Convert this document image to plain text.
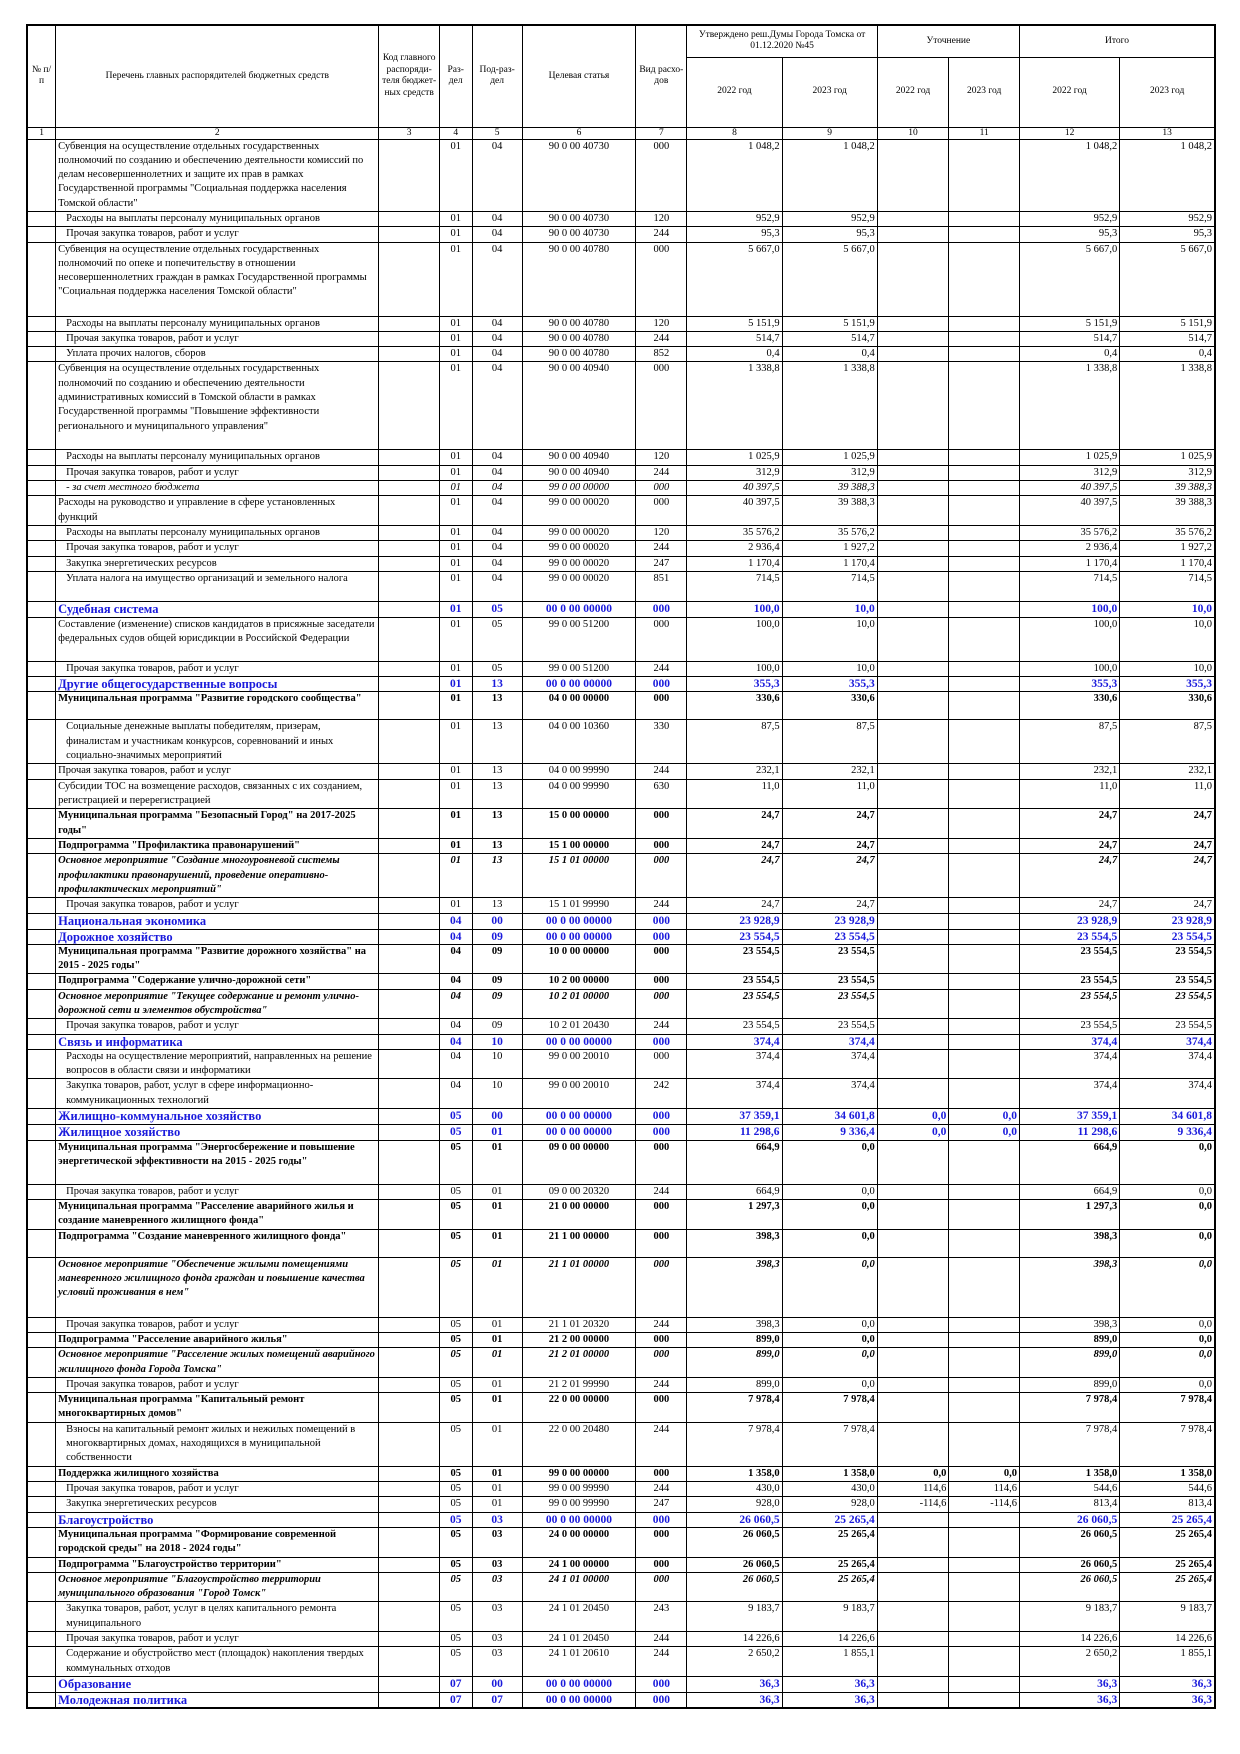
№ п/п	Перечень главных распорядителей бюджетных средств	Код главного распоряди-теля бюджет-ных средств	Раз-дел	Под-раз-дел	Целевая статья	Вид расхо-дов	Утверждено реш.Думы Города Томска от 01.12.2020 №45		Уточнение		Итого	
							2022 год	2023 год	2022 год	2023 год	2022 год	2023 год
1	2	3	4	5	6	7	8	9	10	11	12	13
	Субвенция на осуществление отдельных государственных полномочий по созданию и обеспечению деятельности комиссий по делам несовершеннолетних и защите их прав в рамках Государственной программы "Социальная поддержка населения Томской области"		01	04	90 0 00 40730	000	1 048,2	1 048,2			1 048,2	1 048,2
	Расходы на выплаты персоналу муниципальных органов		01	04	90 0 00 40730	120	952,9	952,9			952,9	952,9
	Прочая закупка товаров, работ и услуг		01	04	90 0 00 40730	244	95,3	95,3			95,3	95,3
	Субвенция на осуществление отдельных государственных полномочий по опеке и попечительству в отношении несовершеннолетних граждан в рамках Государственной программы "Социальная поддержка населения Томской области"		01	04	90 0 00 40780	000	5 667,0	5 667,0			5 667,0	5 667,0
	Расходы на выплаты персоналу муниципальных органов		01	04	90 0 00 40780	120	5 151,9	5 151,9			5 151,9	5 151,9
	Прочая закупка товаров, работ и услуг		01	04	90 0 00 40780	244	514,7	514,7			514,7	514,7
	Уплата прочих налогов, сборов		01	04	90 0 00 40780	852	0,4	0,4			0,4	0,4
	Субвенция на осуществление отдельных государственных полномочий по созданию и обеспечению деятельности административных комиссий в Томской области в рамках Государственной программы "Повышение эффективности регионального и муниципального управления"		01	04	90 0 00 40940	000	1 338,8	1 338,8			1 338,8	1 338,8
	Расходы на выплаты персоналу муниципальных органов		01	04	90 0 00 40940	120	1 025,9	1 025,9			1 025,9	1 025,9
	Прочая закупка товаров, работ и услуг		01	04	90 0 00 40940	244	312,9	312,9			312,9	312,9
	- за счет местного бюджета		01	04	99 0 00 00000	000	40 397,5	39 388,3			40 397,5	39 388,3
	Расходы на руководство и управление в сфере установленных функций		01	04	99 0 00 00020	000	40 397,5	39 388,3			40 397,5	39 388,3
	Расходы на выплаты персоналу муниципальных органов		01	04	99 0 00 00020	120	35 576,2	35 576,2			35 576,2	35 576,2
	Прочая закупка товаров, работ и услуг		01	04	99 0 00 00020	244	2 936,4	1 927,2			2 936,4	1 927,2
	Закупка энергетических ресурсов		01	04	99 0 00 00020	247	1 170,4	1 170,4			1 170,4	1 170,4
	Уплата налога на имущество организаций и земельного налога		01	04	99 0 00 00020	851	714,5	714,5			714,5	714,5
	Судебная система		01	05	00 0 00 00000	000	100,0	10,0			100,0	10,0
	Составление (изменение) списков кандидатов в присяжные заседатели федеральных судов общей юрисдикции в Российской Федерации		01	05	99 0 00 51200	000	100,0	10,0			100,0	10,0
	Прочая закупка товаров, работ и услуг		01	05	99 0 00 51200	244	100,0	10,0			100,0	10,0
	Другие общегосударственные вопросы		01	13	00 0 00 00000	000	355,3	355,3			355,3	355,3
	Муниципальная программа "Развитие городского сообщества"		01	13	04 0 00 00000	000	330,6	330,6			330,6	330,6
	Социальные денежные выплаты победителям, призерам, финалистам и участникам конкурсов, соревнований и иных социально-значимых мероприятий		01	13	04 0 00 10360	330	87,5	87,5			87,5	87,5
	Прочая закупка товаров, работ и услуг		01	13	04 0 00 99990	244	232,1	232,1			232,1	232,1
	Субсидии ТОС на возмещение расходов, связанных с их созданием, регистрацией и перерегистрацией		01	13	04 0 00 99990	630	11,0	11,0			11,0	11,0
	Муниципальная программа "Безопасный Город" на 2017-2025 годы"		01	13	15 0 00 00000	000	24,7	24,7			24,7	24,7
	Подпрограмма "Профилактика правонарушений"		01	13	15 1 00 00000	000	24,7	24,7			24,7	24,7
	Основное мероприятие "Создание многоуровневой системы профилактики правонарушений, проведение оперативно-профилактических мероприятий"		01	13	15 1 01 00000	000	24,7	24,7			24,7	24,7
	Прочая закупка товаров, работ и услуг		01	13	15 1 01 99990	244	24,7	24,7			24,7	24,7
	Национальная экономика		04	00	00 0 00 00000	000	23 928,9	23 928,9			23 928,9	23 928,9
	Дорожное хозяйство		04	09	00 0 00 00000	000	23 554,5	23 554,5			23 554,5	23 554,5
	Муниципальная программа "Развитие дорожного хозяйства" на 2015 - 2025 годы"		04	09	10 0 00 00000	000	23 554,5	23 554,5			23 554,5	23 554,5
	Подпрограмма "Содержание улично-дорожной сети"		04	09	10 2 00 00000	000	23 554,5	23 554,5			23 554,5	23 554,5
	Основное мероприятие "Текущее содержание и ремонт улично-дорожной сети и элементов обустройства"		04	09	10 2 01 00000	000	23 554,5	23 554,5			23 554,5	23 554,5
	Прочая закупка товаров, работ и услуг		04	09	10 2 01 20430	244	23 554,5	23 554,5			23 554,5	23 554,5
	Связь и информатика		04	10	00 0 00 00000	000	374,4	374,4			374,4	374,4
	Расходы на осуществление мероприятий, направленных на решение вопросов в области связи и информатики		04	10	99 0 00 20010	000	374,4	374,4			374,4	374,4
	Закупка товаров, работ, услуг в сфере информационно-коммуникационных технологий		04	10	99 0 00 20010	242	374,4	374,4			374,4	374,4
	Жилищно-коммунальное хозяйство		05	00	00 0 00 00000	000	37 359,1	34 601,8	0,0	0,0	37 359,1	34 601,8
	Жилищное хозяйство		05	01	00 0 00 00000	000	11 298,6	9 336,4	0,0	0,0	11 298,6	9 336,4
	Муниципальная программа "Энергосбережение и повышение энергетической эффективности на 2015 - 2025 годы"		05	01	09 0 00 00000	000	664,9	0,0			664,9	0,0
	Прочая закупка товаров, работ и услуг		05	01	09 0 00 20320	244	664,9	0,0			664,9	0,0
	Муниципальная программа "Расселение аварийного жилья и создание маневренного жилищного фонда"		05	01	21 0 00 00000	000	1 297,3	0,0			1 297,3	0,0
	Подпрограмма "Создание маневренного жилищного фонда"		05	01	21 1 00 00000	000	398,3	0,0			398,3	0,0
	Основное мероприятие "Обеспечение жилыми помещениями маневренного жилищного фонда граждан и повышение качества условий проживания в нем"		05	01	21 1 01 00000	000	398,3	0,0			398,3	0,0
	Прочая закупка товаров, работ и услуг		05	01	21 1 01 20320	244	398,3	0,0			398,3	0,0
	Подпрограмма "Расселение аварийного жилья"		05	01	21 2 00 00000	000	899,0	0,0			899,0	0,0
	Основное мероприятие "Расселение жилых помещений аварийного жилищного фонда Города Томска"		05	01	21 2 01 00000	000	899,0	0,0			899,0	0,0
	Прочая закупка товаров, работ и услуг		05	01	21 2 01 99990	244	899,0	0,0			899,0	0,0
	Муниципальная программа "Капитальный ремонт многоквартирных домов"		05	01	22 0 00 00000	000	7 978,4	7 978,4			7 978,4	7 978,4
	Взносы на капитальный ремонт жилых и нежилых помещений в многоквартирных домах, находящихся в муниципальной собственности		05	01	22 0 00 20480	244	7 978,4	7 978,4			7 978,4	7 978,4
	Поддержка жилищного хозяйства		05	01	99 0 00 00000	000	1 358,0	1 358,0	0,0	0,0	1 358,0	1 358,0
	Прочая закупка товаров, работ и услуг		05	01	99 0 00 99990	244	430,0	430,0	114,6	114,6	544,6	544,6
	Закупка энергетических ресурсов		05	01	99 0 00 99990	247	928,0	928,0	-114,6	-114,6	813,4	813,4
	Благоустройство		05	03	00 0 00 00000	000	26 060,5	25 265,4			26 060,5	25 265,4
	Муниципальная программа "Формирование современной городской среды" на 2018 - 2024 годы"		05	03	24 0 00 00000	000	26 060,5	25 265,4			26 060,5	25 265,4
	Подпрограмма "Благоустройство территории"		05	03	24 1 00 00000	000	26 060,5	25 265,4			26 060,5	25 265,4
	Основное мероприятие "Благоустройство территории муниципального образования "Город Томск"		05	03	24 1 01 00000	000	26 060,5	25 265,4			26 060,5	25 265,4
	Закупка товаров, работ, услуг в целях капитального ремонта муниципального		05	03	24 1 01 20450	243	9 183,7	9 183,7			9 183,7	9 183,7
	Прочая закупка товаров, работ и услуг		05	03	24 1 01 20450	244	14 226,6	14 226,6			14 226,6	14 226,6
	Содержание и обустройство мест (площадок) накопления твердых коммунальных отходов		05	03	24 1 01 20610	244	2 650,2	1 855,1			2 650,2	1 855,1
	Образование		07	00	00 0 00 00000	000	36,3	36,3			36,3	36,3
	Молодежная политика		07	07	00 0 00 00000	000	36,3	36,3			36,3	36,3
